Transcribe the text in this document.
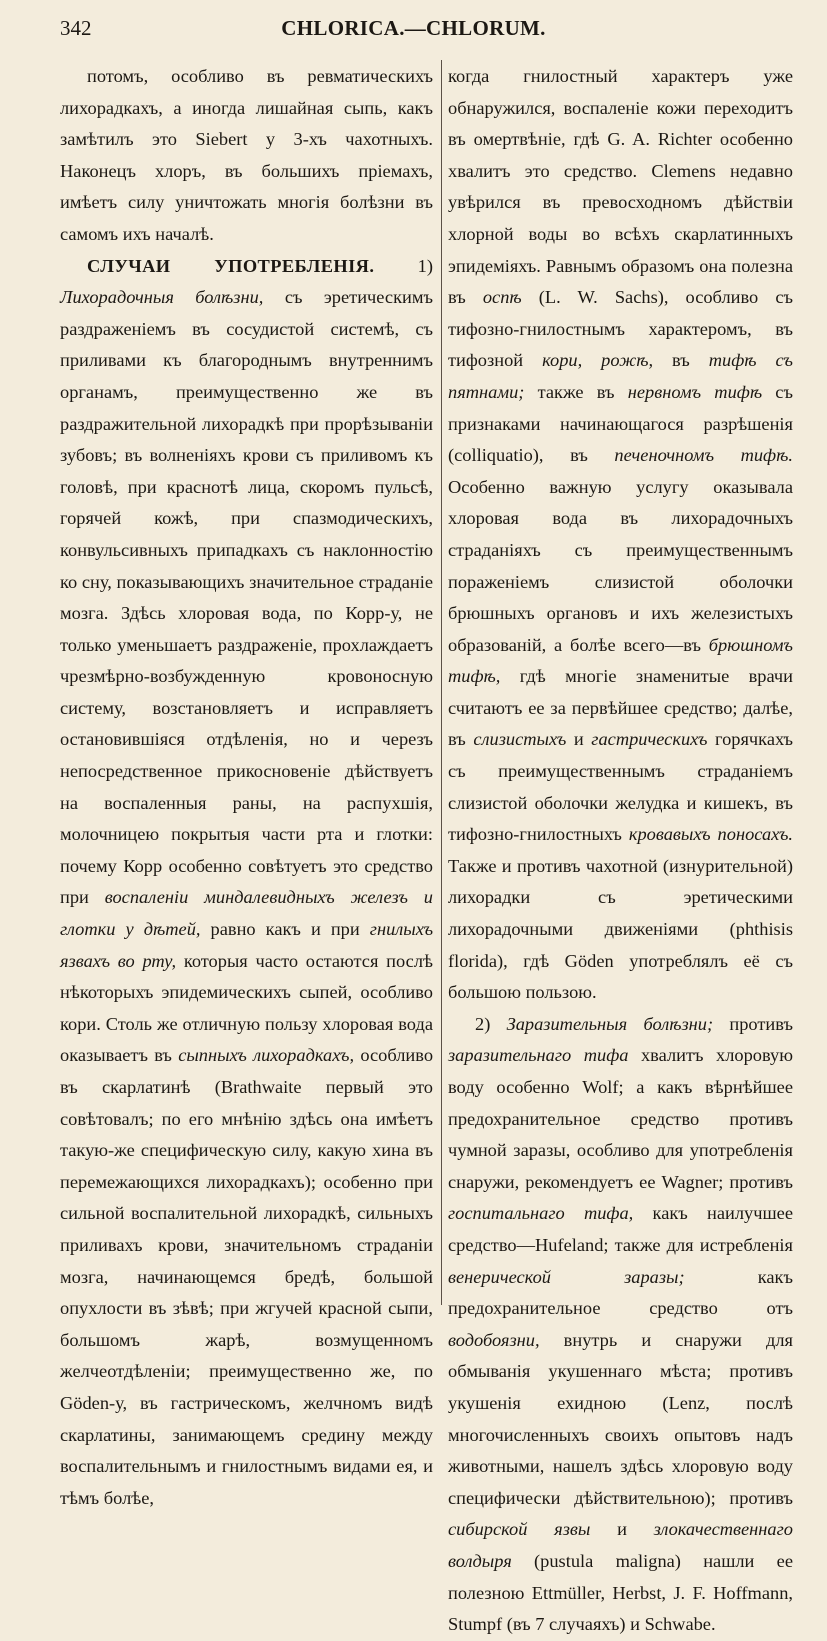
342	CHLORICA.—CHLORUM.

потомъ, особливо въ ревматическихъ лихорадкахъ, а иногда лишайная сыпь, какъ замѣтилъ это Siebert у 3-хъ чахотныхъ. Наконецъ хлоръ, въ большихъ пріемахъ, имѣетъ силу уничтожать многія болѣзни въ самомъ ихъ началѣ.

СЛУЧАИ УПОТРЕБЛЕНІЯ. 1) Лихорадочныя болѣзни, съ эретическимъ раздраженіемъ въ сосудистой системѣ, съ приливами къ благороднымъ внутреннимъ органамъ, преимущественно же въ раздражительной лихорадкѣ при прорѣзываніи зубовъ; въ волненіяхъ крови съ приливомъ къ головѣ, при краснотѣ лица, скоромъ пульсѣ, горячей кожѣ, при спазмодическихъ, конвульсивныхъ припадкахъ съ наклонностію ко сну, показывающихъ значительное страданіе мозга. Здѣсь хлоровая вода, по Корр-у, не только уменьшаетъ раздраженіе, прохлаждаетъ чрезмѣрно-возбужденную кровоносную систему, возстановляетъ и исправляетъ остановившіяся отдѣленія, но и черезъ непосредственное прикосновеніе дѣйствуетъ на воспаленныя раны, на распухшія, молочницею покрытыя части рта и глотки: почему Корр особенно совѣтуетъ это средство при воспаленіи миндалевидныхъ железъ и глотки у дѣтей, равно какъ и при гнилыхъ язвахъ во рту, которыя часто остаются послѣ нѣкоторыхъ эпидемическихъ сыпей, особливо кори. Столь же отличную пользу хлоровая вода оказываетъ въ сыпныхъ лихорадкахъ, особливо въ скарлатинѣ (Brathwaite первый это совѣтовалъ; по его мнѣнію здѣсь она имѣетъ такую-же специфическую силу, какую хина въ перемежающихся лихорадкахъ); особенно при сильной воспалительной лихорадкѣ, сильныхъ приливахъ крови, значительномъ страданіи мозга, начинающемся бредѣ, большой опухлости въ зѣвѣ; при жгучей красной сыпи, большомъ жарѣ, возмущенномъ желчеотдѣленіи; преимущественно же, по Göden-у, въ гастрическомъ, желчномъ видѣ скарлатины, занимающемъ средину между воспалительнымъ и гнилостнымъ видами ея, и тѣмъ болѣе,

когда гнилостный характеръ уже обнаружился, воспаленіе кожи переходитъ въ омертвѣніе, гдѣ G. A. Richter особенно хвалитъ это средство. Clemens недавно увѣрился въ превосходномъ дѣйствіи хлорной воды во всѣхъ скарлатинныхъ эпидеміяхъ. Равнымъ образомъ она полезна въ оспѣ (L. W. Sachs), особливо съ тифозно-гнилостнымъ характеромъ, въ тифозной кори, рожѣ, въ тифѣ съ пятнами; также въ нервномъ тифѣ съ признаками начинающагося разрѣшенія (colliquatio), въ печеночномъ тифѣ. Особенно важную услугу оказывала хлоровая вода въ лихорадочныхъ страданіяхъ съ преимущественнымъ пораженіемъ слизистой оболочки брюшныхъ органовъ и ихъ железистыхъ образованій, а болѣе всего—въ брюшномъ тифѣ, гдѣ многіе знаменитые врачи считаютъ ее за первѣйшее средство; далѣе, въ слизистыхъ и гастрическихъ горячкахъ съ преимущественнымъ страданіемъ слизистой оболочки желудка и кишекъ, въ тифозно-гнилостныхъ кровавыхъ поносахъ. Также и противъ чахотной (изнурительной) лихорадки съ эретическими лихорадочными движеніями (phthisis florida), гдѣ Göden употреблялъ её съ большою пользою.

2) Заразительныя болѣзни; противъ заразительнаго тифа хвалитъ хлоровую воду особенно Wolf; а какъ вѣрнѣйшее предохранительное средство противъ чумной заразы, особливо для употребленія снаружи, рекомендуетъ ее Wagner; противъ госпитальнаго тифа, какъ наилучшее средство—Hufeland; также для истребленія венерической заразы;	какъ предохранительное средство отъ водобоязни, внутрь и снаружи для обмыванія укушеннаго мѣста; противъ укушенія ехидною (Lenz, послѣ многочисленныхъ своихъ опытовъ надъ животными, нашелъ здѣсь хлоровую воду специфически дѣйствительною); противъ сибирской язвы и злокачественнаго волдыря (pustula maligna) нашли ее полезною Ettmüller, Herbst, J. F. Hoffmann, Stumpf (въ 7 случаяхъ) и Schwabe.
